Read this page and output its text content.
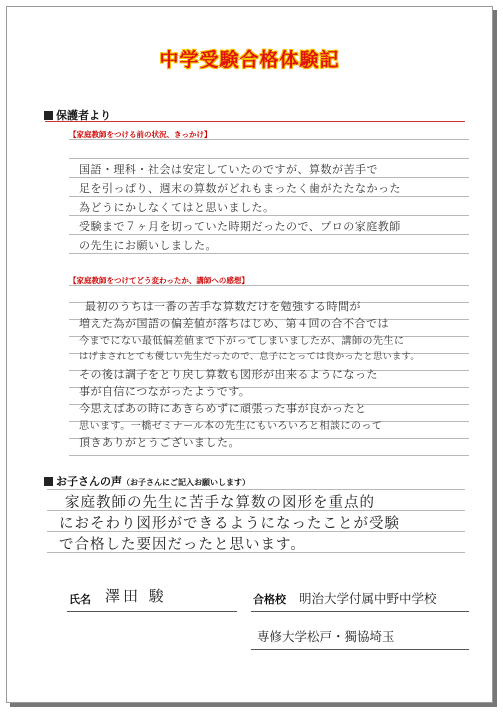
中学受験合格体験記
保護者より
【家庭教師をつける前の状況、きっかけ】
国語・理科・社会は安定していたのですが、算数が苦手で
足を引っぱり、週末の算数がどれもまったく歯がたたなかった
為どうにかしなくてはと思いました。
受験まで７ヶ月を切っていた時期だったので、プロの家庭教師
の先生にお願いしました。
【家庭教師をつけてどう変わったか、講師への感想】
最初のうちは一番の苦手な算数だけを勉強する時間が
増えた為が国語の偏差値が落ちはじめ、第４回の合不合では
今までにない最低偏差値まで下がってしまいましたが、講師の先生に
はげまされとても優しい先生だったので、息子にとっては良かったと思います。
その後は調子をとり戻し算数も図形が出来るようになった
事が自信につながったようです。
今思えばあの時にあきらめずに頑張った事が良かったと
思います。一橋ゼミナール本の先生にもいろいろと相談にのって
頂きありがとうございました。
お子さんの声（お子さんにご記入お願いします）
家庭教師の先生に苦手な算数の図形を重点的
におそわり図形ができるようになったことが受験
で合格した要因だったと思います。
氏名 澤田 駿	合格校 明治大学付属中野中学校
専修大学松戸・獨協埼玉
